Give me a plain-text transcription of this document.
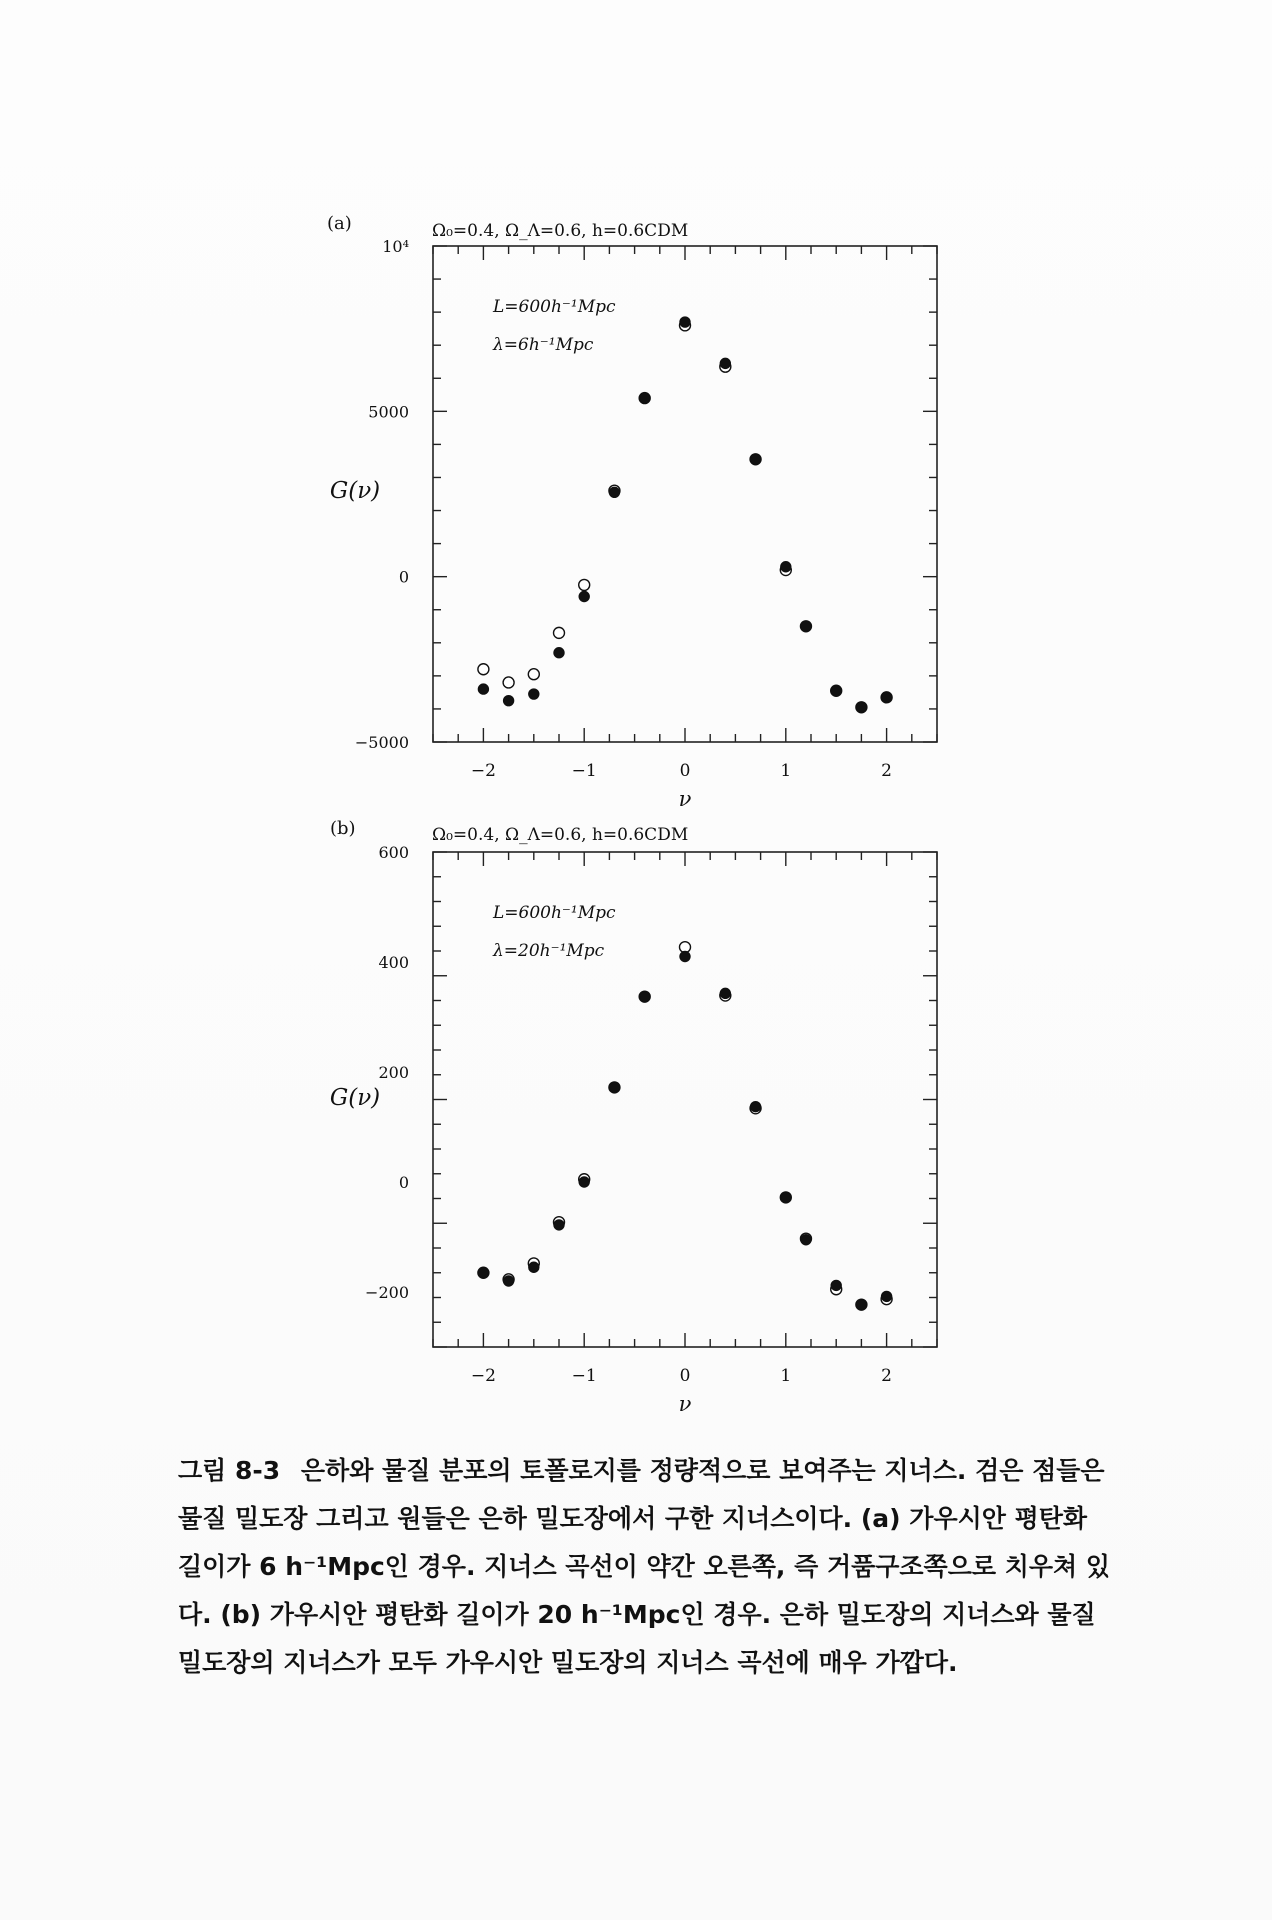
−2	−1	0	1	2
10⁴
5000
0
−5000
(a)	Ω₀=0.4, Ω_Λ=0.6, h=0.6CDM
G(ν)
ν
L=600h⁻¹Mpc
λ=6h⁻¹Mpc
−2	−1	0	1	2
600
400
200
0
−200
(b)	Ω₀=0.4, Ω_Λ=0.6, h=0.6CDM
G(ν)
ν
L=600h⁻¹Mpc
λ=20h⁻¹Mpc
그림 8-3 은하와 물질 분포의 토폴로지를 정량적으로 보여주는 지너스. 검은 점들은 물질 밀도장 그리고 원들은 은하 밀도장에서 구한 지너스이다. (a) 가우시안 평탄화 길이가 6 h⁻¹Mpc인 경우. 지너스 곡선이 약간 오른쪽, 즉 거품구조쪽으로 치우쳐 있다. (b) 가우시안 평탄화 길이가 20 h⁻¹Mpc인 경우. 은하 밀도장의 지너스와 물질 밀도장의 지너스가 모두 가우시안 밀도장의 지너스 곡선에 매우 가깝다.
